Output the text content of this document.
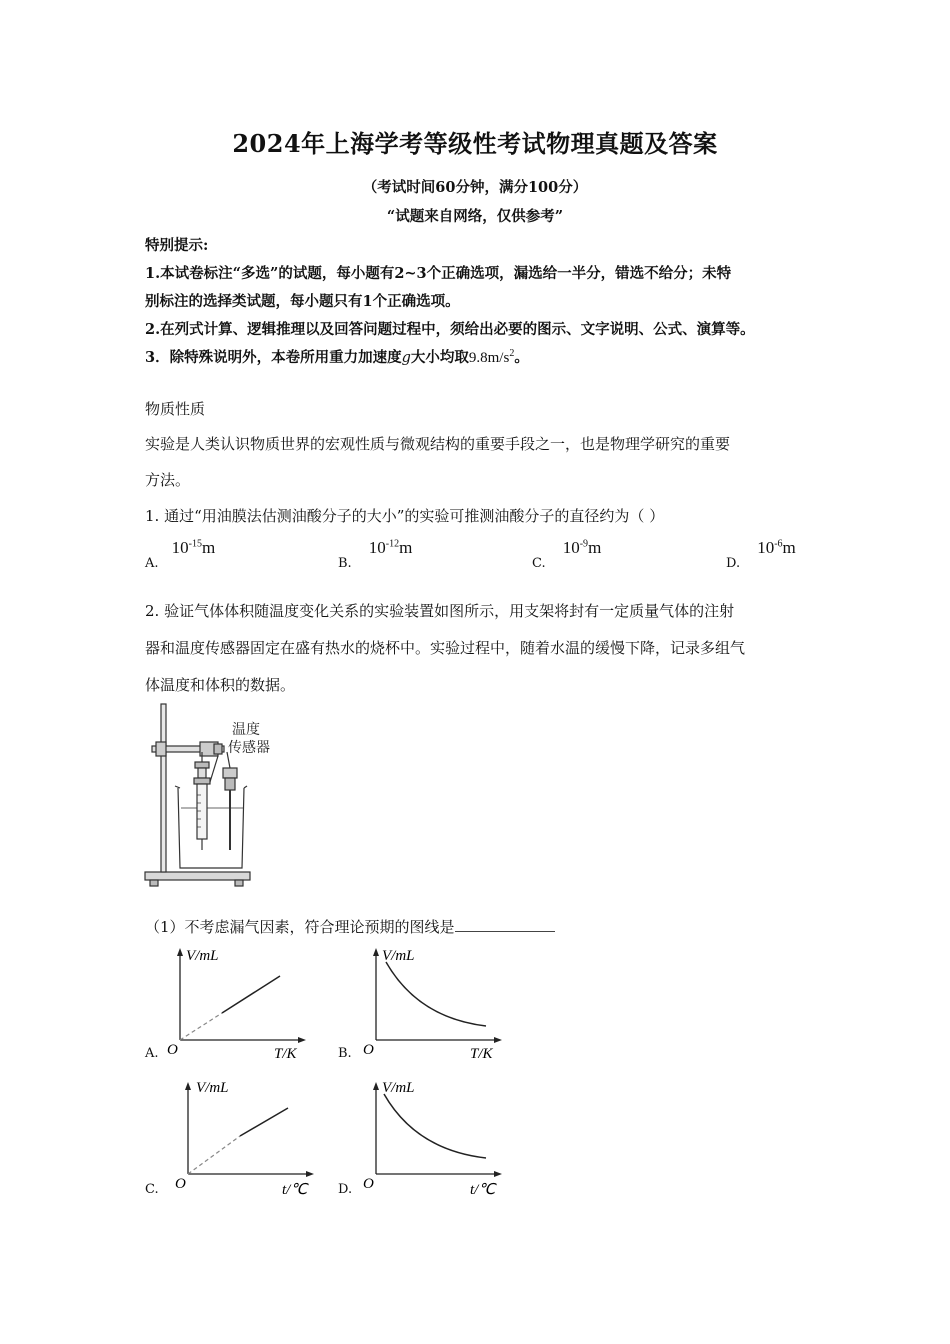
2024年上海学考等级性考试物理真题及答案
（考试时间60分钟，满分100分）
“试题来自网络，仅供参考”
特别提示:
1.本试卷标注“多选”的试题，每小题有2~3个正确选项，漏选给一半分，错选不给分；未特
别标注的选择类试题，每小题只有1个正确选项。
2.在列式计算、逻辑推理以及回答问题过程中，须给出必要的图示、文字说明、公式、演算等。
3．除特殊说明外，本卷所用重力加速度g大小均取$9.8m/s^2$。
物质性质
实验是人类认识物质世界的宏观性质与微观结构的重要手段之一，也是物理学研究的重要
方法。
1. 通过“用油膜法估测油酸分子的大小”的实验可推测油酸分子的直径约为（ ）
$_{A.}$ $10^{-15}m$
$_{B.}$ $10^{-12}m$
$_{C.}$ $10^{-9}m$
$_{D.}$ $10^{-6}m$
2. 验证气体体积随温度变化关系的实验装置如图所示，用支架将封有一定质量气体的注射
器和温度传感器固定在盛有热水的烧杯中。实验过程中，随着水温的缓慢下降，记录多组气
体温度和体积的数据。
温度
传感器
（1）不考虑漏气因素，符合理论预期的图线是
A.
V/mL
O	T/K	B.
V/mL
O	T/K
C.
V/mL
O	t/℃ D.
V/mL
O	t/℃
